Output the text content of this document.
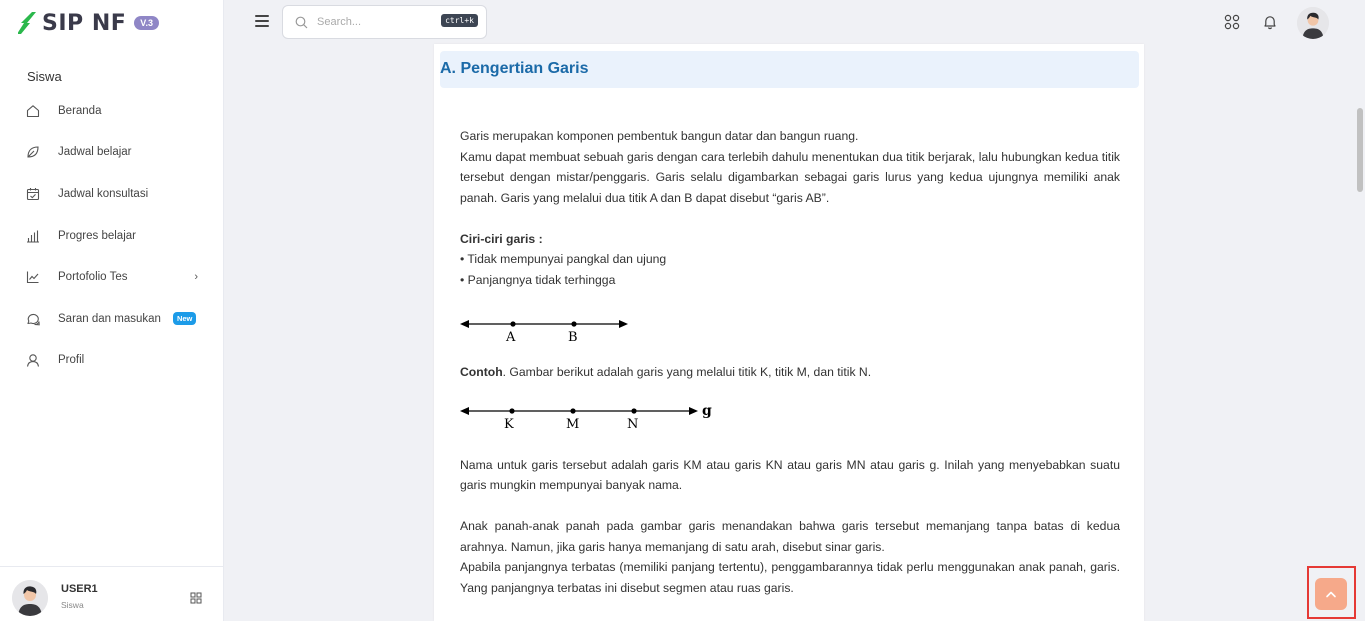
SIP NF	V.3
Siswa
Beranda
Jadwal belajar
Jadwal konsultasi
Progres belajar
Portofolio Tes	›
Saran dan masukan	New
Profil
USER1
Siswa
Search...
ctrl+k
A. Pengertian Garis

Garis merupakan komponen pembentuk bangun datar dan bangun ruang.

Kamu dapat membuat sebuah garis dengan cara terlebih dahulu menentukan dua titik berjarak, lalu hubungkan kedua titik tersebut dengan mistar/penggaris. Garis selalu digambarkan sebagai garis lurus yang kedua ujungnya memiliki anak panah. Garis yang melalui dua titik A dan B dapat disebut “garis AB”.

Ciri-ciri garis :

• Tidak mempunyai pangkal dan ujung

• Panjangnya tidak terhingga

A	B

Contoh. Gambar berikut adalah garis yang melalui titik K, titik M, dan titik N.

K	M	N
g

Nama untuk garis tersebut adalah garis KM atau garis KN atau garis MN atau garis g. Inilah yang menyebabkan suatu garis mungkin mempunyai banyak nama.

Anak panah-anak panah pada gambar garis menandakan bahwa garis tersebut memanjang tanpa batas di kedua arahnya. Namun, jika garis hanya memanjang di satu arah, disebut sinar garis.

Apabila panjangnya terbatas (memiliki panjang tertentu), penggambarannya tidak perlu menggunakan anak panah, garis. Yang panjangnya terbatas ini disebut segmen atau ruas garis.
